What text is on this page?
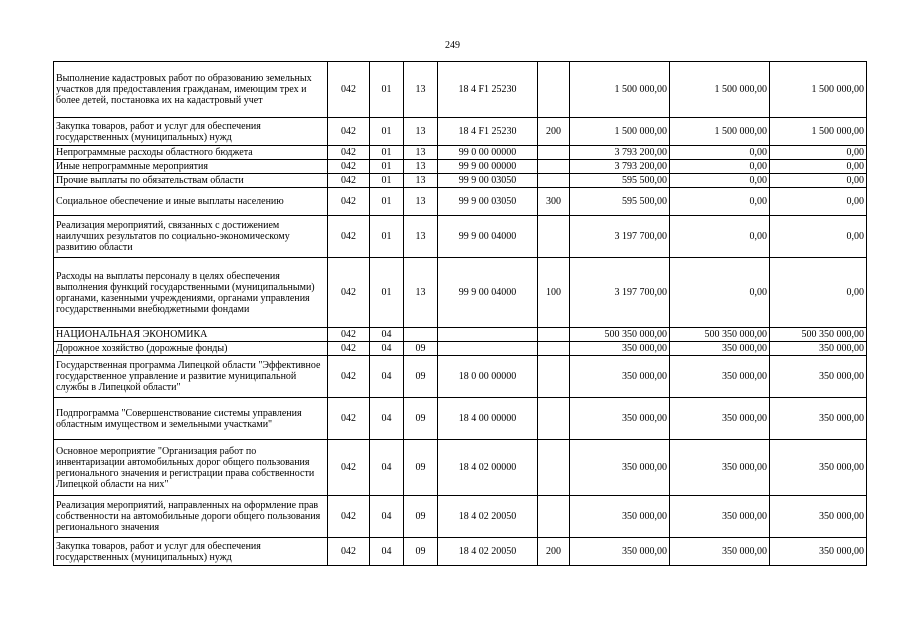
249
Выполнение кадастровых работ по образованию земельных участков для предоставления гражданам, имеющим трех и более детей, постановка их на кадастровый учет	042	01	13	18 4 F1 25230		1 500 000,00	1 500 000,00	1 500 000,00
Закупка товаров, работ и услуг для обеспечения государственных (муниципальных) нужд	042	01	13	18 4 F1 25230	200	1 500 000,00	1 500 000,00	1 500 000,00
Непрограммные расходы областного бюджета	042	01	13	99 0 00 00000		3 793 200,00	0,00	0,00
Иные непрограммные мероприятия	042	01	13	99 9 00 00000		3 793 200,00	0,00	0,00
Прочие выплаты по обязательствам области	042	01	13	99 9 00 03050		595 500,00	0,00	0,00
Социальное обеспечение и иные выплаты населению	042	01	13	99 9 00 03050	300	595 500,00	0,00	0,00
Реализация мероприятий, связанных с достижением наилучших результатов по социально-экономическому развитию области	042	01	13	99 9 00 04000		3 197 700,00	0,00	0,00
Расходы на выплаты персоналу в целях обеспечения выполнения функций государственными (муниципальными) органами, казенными учреждениями, органами управления государственными внебюджетными фондами	042	01	13	99 9 00 04000	100	3 197 700,00	0,00	0,00
НАЦИОНАЛЬНАЯ ЭКОНОМИКА	042	04				500 350 000,00	500 350 000,00	500 350 000,00
Дорожное хозяйство (дорожные фонды)	042	04	09			350 000,00	350 000,00	350 000,00
Государственная программа Липецкой области "Эффективное государственное управление и развитие муниципальной службы в Липецкой области"	042	04	09	18 0 00 00000		350 000,00	350 000,00	350 000,00
Подпрограмма "Совершенствование системы управления областным имуществом и земельными участками"	042	04	09	18 4 00 00000		350 000,00	350 000,00	350 000,00
Основное мероприятие "Организация работ по инвентаризации автомобильных дорог общего пользования регионального значения и регистрации права собственности Липецкой области на них"	042	04	09	18 4 02 00000		350 000,00	350 000,00	350 000,00
Реализация мероприятий, направленных на оформление прав собственности на автомобильные дороги общего пользования регионального значения	042	04	09	18 4 02 20050		350 000,00	350 000,00	350 000,00
Закупка товаров, работ и услуг для обеспечения государственных (муниципальных) нужд	042	04	09	18 4 02 20050	200	350 000,00	350 000,00	350 000,00
